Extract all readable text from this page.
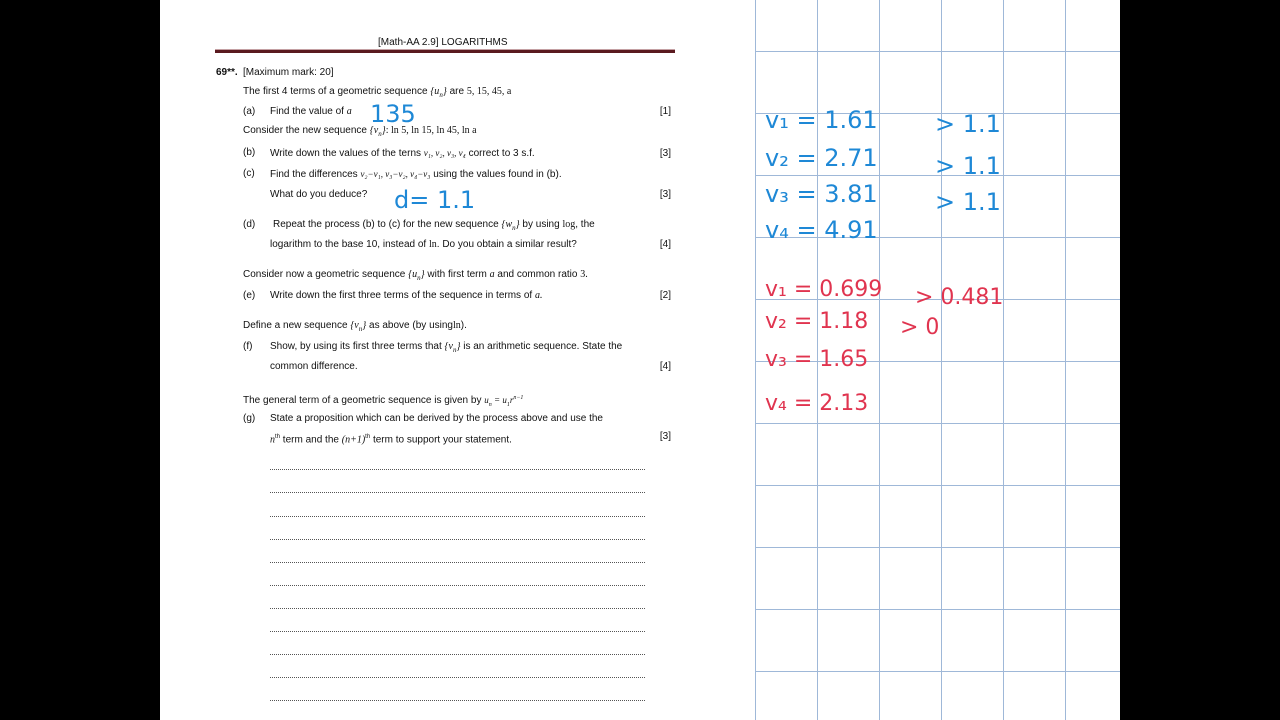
[Math-AA 2.9] LOGARITHMS
69**. [Maximum mark: 20]
The first 4 terms of a geometric sequence $\{u_n\}$ are 5, 15, 45, a
(a) Find the value of a	[1]
Consider the new sequence $\{v_n\}$: ln 5, ln 15, ln 45, ln a
(b) Write down the values of the terns v₁, v₂, v₃, v₄ correct to 3 s.f.	[3]
(c) Find the differences v₂−v₁, v₃−v₂, v₄−v₃ using the values found in (b).
What do you deduce?	[3]
(d) Repeat the process (b) to (c) for the new sequence $\{w_n\}$ by using log, the
logarithm to the base 10, instead of ln. Do you obtain a similar result?	[4]
Consider now a geometric sequence $\{u_n\}$ with first term a and common ratio 3.
(e) Write down the first three terms of the sequence in terms of a.	[2]
Define a new sequence $\{v_n\}$ as above (by usingln).
(f) Show, by using its first three terms that $\{v_n\}$ is an arithmetic sequence. State the
common difference.	[4]
The general term of a geometric sequence is given by $u_n = u_1r^{n-1}$
(g) State a proposition which can be derived by the process above and use the
$n^{th}$ term and the $(n+1)^{th}$ term to support your statement.	[3]
135
d= 1.1
v₁ = 1.61 > 1.1
v₂ = 2.71 > 1.1
v₃ = 3.81 > 1.1
v₄ = 4.91
v₁ = 0.699 > 0.481
v₂ = 1.18 > 0
v₃ = 1.65
v₄ = 2.13
